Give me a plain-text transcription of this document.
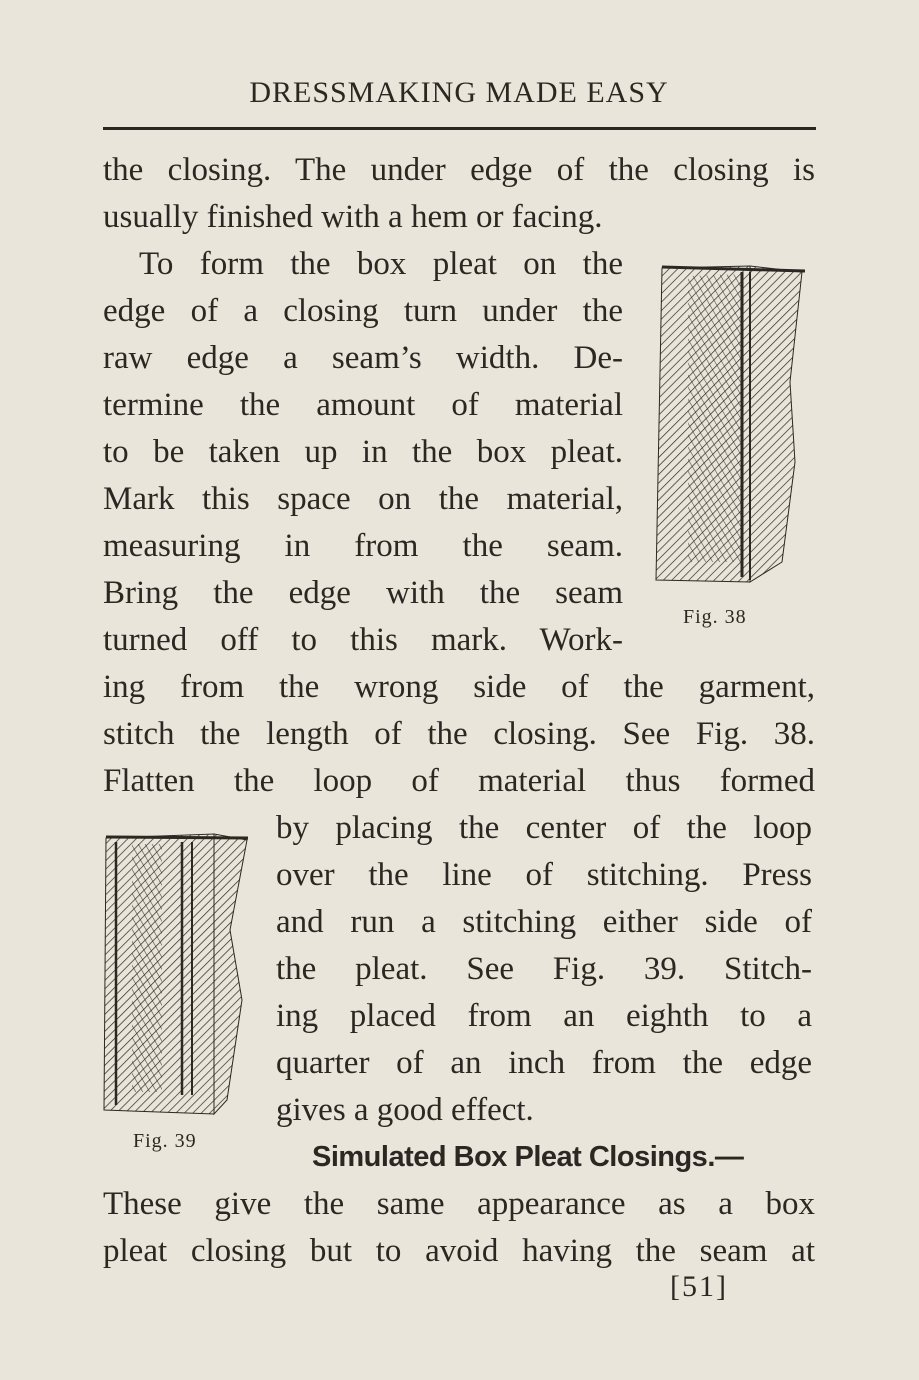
DRESSMAKING MADE EASY
the closing. The under edge of the closing is
usually finished with a hem or facing.
To form the box pleat on the
edge of a closing turn under the
raw edge a seam’s width. De-
termine the amount of material
to be taken up in the box pleat.
Mark this space on the material,
measuring in from the seam.
Bring the edge with the seam
turned off to this mark. Work-
ing from the wrong side of the garment,
stitch the length of the closing. See Fig. 38.
Flatten the loop of material thus formed
by placing the center of the loop
over the line of stitching. Press
and run a stitching either side of
the pleat. See Fig. 39. Stitch-
ing placed from an eighth to a
quarter of an inch from the edge
gives a good effect.
Simulated Box Pleat Closings.—
These give the same appearance as a box
pleat closing but to avoid having the seam at
Fig. 38
Fig. 39
[51]
